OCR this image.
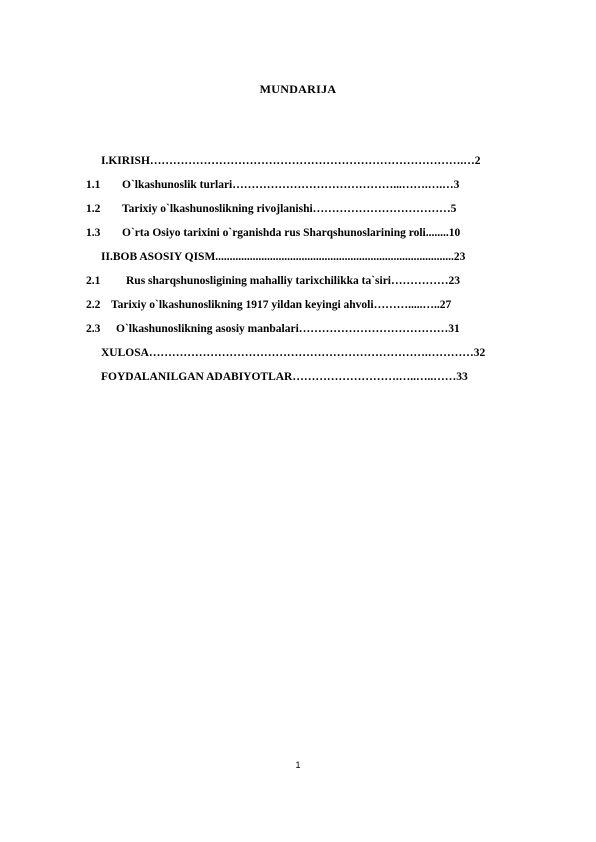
MUNDARIJA
I.KIRISH……………………………………………………………………….…2
1.1 O`lkashunoslik turlari……………………………………...…….….…3
1.2 Tarixiy o`lkashunoslikning rivojlanishi………………………………5
1.3 O`rta Osiyo tarixini o`rganishda rus Sharqshunoslarining roli........10
II.BOB ASOSIY QISM...................................................................................23
2.1 Rus sharqshunosligining mahalliy tarixchilikka ta`siri……………23
2.2 Tarixiy o`lkashunoslikning 1917 yildan keyingi ahvoli……….....…..27
2.3 O`lkashunoslikning asosiy manbalari…………………………………31
XULOSA……………………………………………………………….…………32
FOYDALANILGAN ADABIYOTLAR……………………….…..…..……33
1
